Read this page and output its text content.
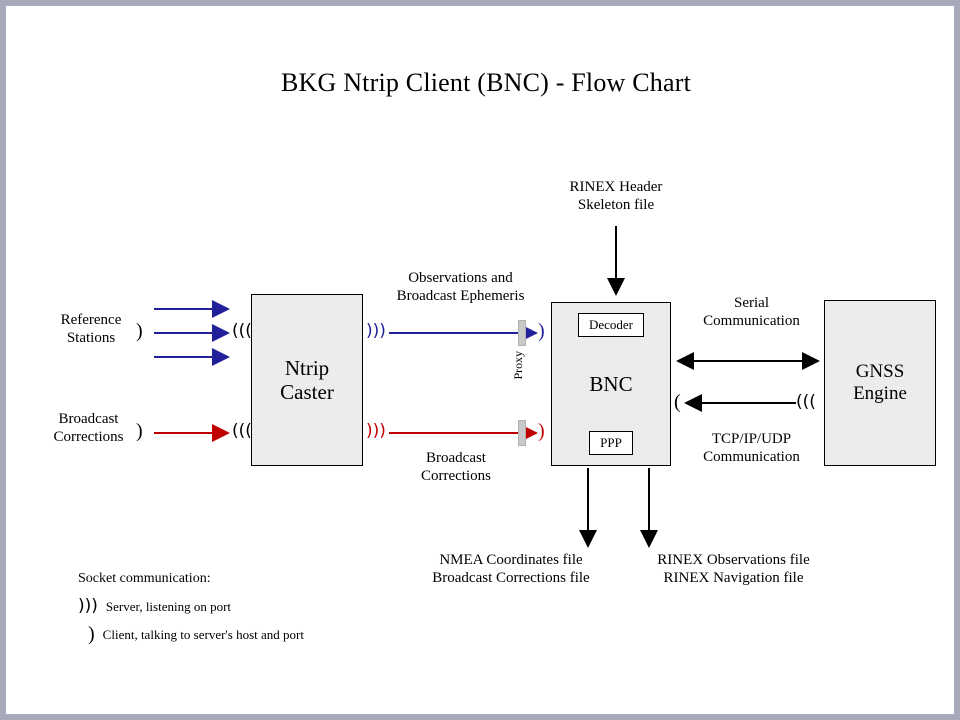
BKG Ntrip Client (BNC) - Flow Chart
Ntrip
Caster
Decoder
BNC
PPP
GNSS
Engine
Proxy
Reference
Stations
Broadcast
Corrections
)
)
(((
(((
)))
)))
)
)
Observations and
Broadcast Ephemeris
Broadcast
Corrections
RINEX Header
Skeleton file
Serial
Communication
TCP/IP/UDP
Communication
(	(((
NMEA Coordinates file
Broadcast Corrections file
RINEX Observations file
RINEX Navigation file
Socket communication:
))) Server, listening on port
) Client, talking to server's host and port
